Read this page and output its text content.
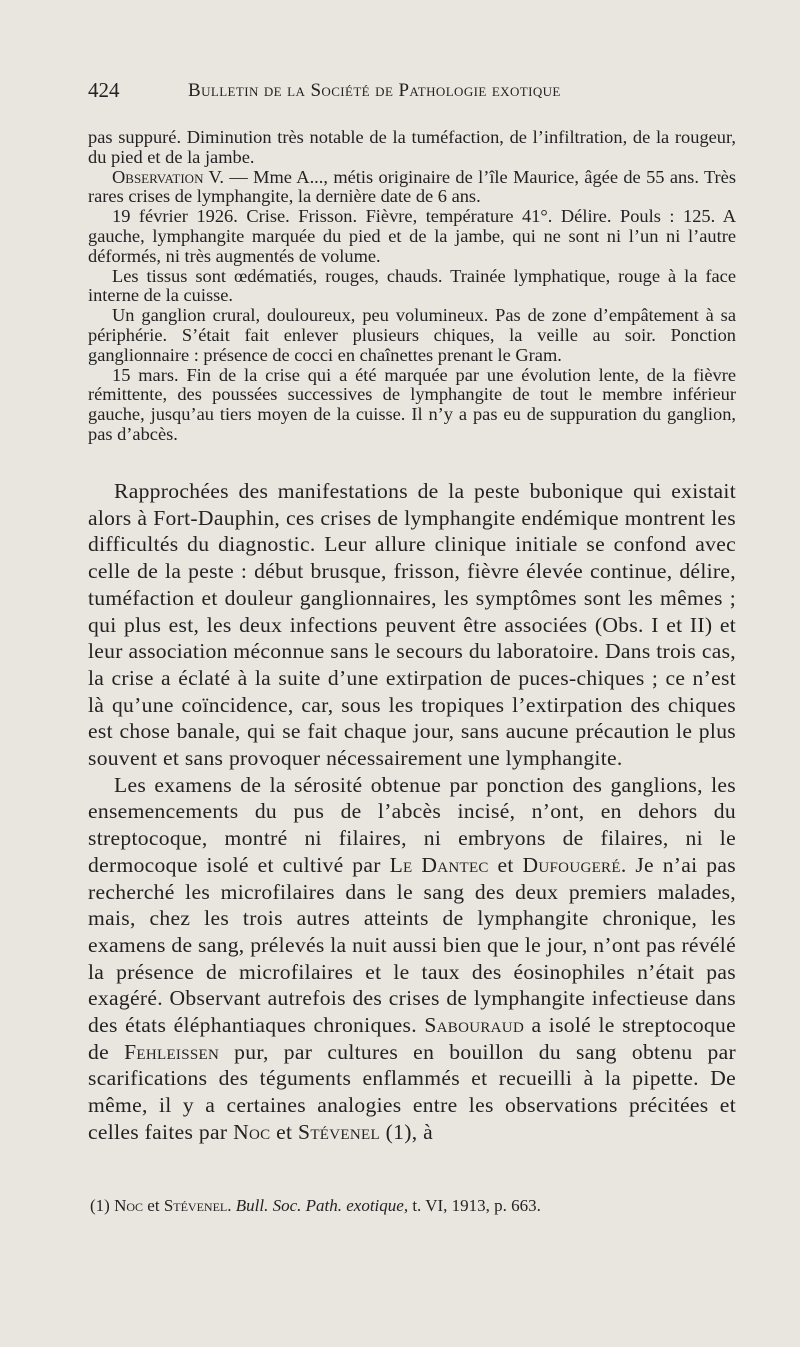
424	Bulletin de la Société de Pathologie exotique

pas suppuré. Diminution très notable de la tuméfaction, de l’infiltration, de la rougeur, du pied et de la jambe.

Observation V. — Mme A..., métis originaire de l’île Maurice, âgée de 55 ans. Très rares crises de lymphangite, la dernière date de 6 ans.

19 février 1926. Crise. Frisson. Fièvre, température 41°. Délire. Pouls : 125. A gauche, lymphangite marquée du pied et de la jambe, qui ne sont ni l’un ni l’autre déformés, ni très augmentés de volume.

Les tissus sont œdématiés, rouges, chauds. Trainée lymphatique, rouge à la face interne de la cuisse.

Un ganglion crural, douloureux, peu volumineux. Pas de zone d’empâtement à sa périphérie. S’était fait enlever plusieurs chiques, la veille au soir. Ponction ganglionnaire : présence de cocci en chaînettes prenant le Gram.

15 mars. Fin de la crise qui a été marquée par une évolution lente, de la fièvre rémittente, des poussées successives de lymphangite de tout le membre inférieur gauche, jusqu’au tiers moyen de la cuisse. Il n’y a pas eu de suppuration du ganglion, pas d’abcès.

Rapprochées des manifestations de la peste bubonique qui existait alors à Fort-Dauphin, ces crises de lymphangite endémique montrent les difficultés du diagnostic. Leur allure clinique initiale se confond avec celle de la peste : début brusque, frisson, fièvre élevée continue, délire, tuméfaction et douleur ganglionnaires, les symptômes sont les mêmes ; qui plus est, les deux infections peuvent être associées (Obs. I et II) et leur association méconnue sans le secours du laboratoire. Dans trois cas, la crise a éclaté à la suite d’une extirpation de puces-chiques ; ce n’est là qu’une coïncidence, car, sous les tropiques l’extirpation des chiques est chose banale, qui se fait chaque jour, sans aucune précaution le plus souvent et sans provoquer nécessairement une lymphangite.

Les examens de la sérosité obtenue par ponction des ganglions, les ensemencements du pus de l’abcès incisé, n’ont, en dehors du streptocoque, montré ni filaires, ni embryons de filaires, ni le dermocoque isolé et cultivé par Le Dantec et Dufougeré. Je n’ai pas recherché les microfilaires dans le sang des deux premiers malades, mais, chez les trois autres atteints de lymphangite chronique, les examens de sang, prélevés la nuit aussi bien que le jour, n’ont pas révélé la présence de microfilaires et le taux des éosinophiles n’était pas exagéré. Observant autrefois des crises de lymphangite infectieuse dans des états éléphantiaques chroniques. Sabouraud a isolé le streptocoque de Fehleissen pur, par cultures en bouillon du sang obtenu par scarifications des téguments enflammés et recueilli à la pipette. De même, il y a certaines analogies entre les observations précitées et celles faites par Noc et Stévenel (1), à

(1) Noc et Stévenel. Bull. Soc. Path. exotique, t. VI, 1913, p. 663.
